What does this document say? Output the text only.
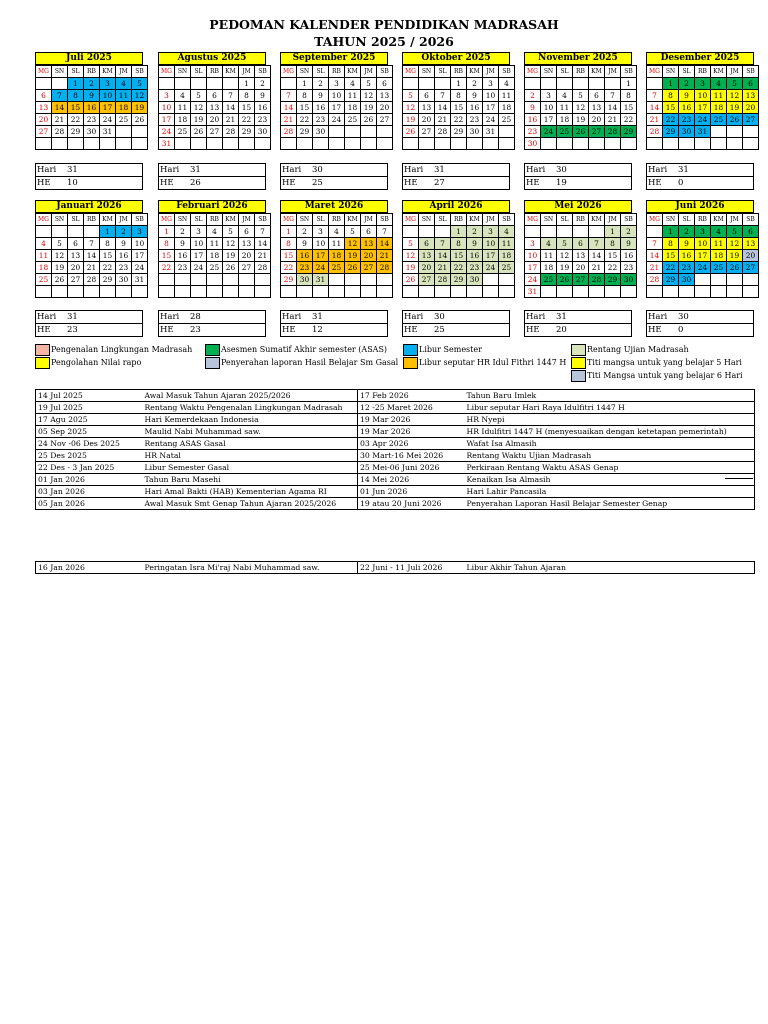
PEDOMAN KALENDER PENDIDIKAN MADRASAH
TAHUN 2025 / 2026
Juli 2025
MG	SN	SL	RB	KM	JM	SB
		1	2	3	4	5
6	7	8	9	10	11	12
13	14	15	16	17	18	19
20	21	22	23	24	25	26
27	28	29	30	31		

Hari	31
HE	10
Agustus 2025
MG	SN	SL	RB	KM	JM	SB
					1	2
3	4	5	6	7	8	9
10	11	12	13	14	15	16
17	18	19	20	21	22	23
24	25	26	27	28	29	30
31						
Hari	31
HE	26
September 2025
MG	SN	SL	RB	KM	JM	SB
	1	2	3	4	5	6
7	8	9	10	11	12	13
14	15	16	17	18	19	20
21	22	23	24	25	26	27
28	29	30				

Hari	30
HE	25
Oktober 2025
MG	SN	SL	RB	KM	JM	SB
			1	2	3	4
5	6	7	8	9	10	11
12	13	14	15	16	17	18
19	20	21	22	23	24	25
26	27	28	29	30	31	

Hari	31
HE	27
November 2025
MG	SN	SL	RB	KM	JM	SB
						1
2	3	4	5	6	7	8
9	10	11	12	13	14	15
16	17	18	19	20	21	22
23	24	25	26	27	28	29
30						
Hari	30
HE	19
Desember 2025
MG	SN	SL	RB	KM	JM	SB
	1	2	3	4	5	6
7	8	9	10	11	12	13
14	15	16	17	18	19	20
21	22	23	24	25	26	27
28	29	30	31			

Hari	31
HE	0
Januari 2026
MG	SN	SL	RB	KM	JM	SB
				1	2	3
4	5	6	7	8	9	10
11	12	13	14	15	16	17
18	19	20	21	22	23	24
25	26	27	28	29	30	31

Hari	31
HE	23
Februari 2026
MG	SN	SL	RB	KM	JM	SB
1	2	3	4	5	6	7
8	9	10	11	12	13	14
15	16	17	18	19	20	21
22	23	24	25	26	27	28

Hari	28
HE	23
Maret 2026
MG	SN	SL	RB	KM	JM	SB
1	2	3	4	5	6	7
8	9	10	11	12	13	14
15	16	17	18	19	20	21
22	23	24	25	26	27	28
29	30	31				

Hari	31
HE	12
April 2026
MG	SN	SL	RB	KM	JM	SB
			1	2	3	4
5	6	7	8	9	10	11
12	13	14	15	16	17	18
19	20	21	22	23	24	25
26	27	28	29	30		

Hari	30
HE	25
Mei 2026
MG	SN	SL	RB	KM	JM	SB
					1	2
3	4	5	6	7	8	9
10	11	12	13	14	15	16
17	18	19	20	21	22	23
24	25	26	27	28	29	30
31						
Hari	31
HE	20
Juni 2026
MG	SN	SL	RB	KM	JM	SB
	1	2	3	4	5	6
7	8	9	10	11	12	13
14	15	16	17	18	19	20
21	22	23	24	25	26	27
28	29	30				

Hari	30
HE	0
Pengenalan Lingkungan Madrasah
Pengolahan Nilai rapo
Asesmen Sumatif Akhir semester (ASAS)
Penyerahan laporan Hasil Belajar Sm Gasal
Libur Semester
Libur seputar HR Idul Fithri 1447 H
Rentang Ujian Madrasah
Titi mangsa untuk yang belajar 5 Hari
Titi Mangsa untuk yang belajar 6 Hari
14 Jul 2025	Awal Masuk Tahun Ajaran 2025/2026	17 Feb 2026	Tahun Baru Imlek
19 Jul 2025	Rentang Waktu Pengenalan Lingkungan Madrasah	12 -25 Maret 2026	Libur seputar Hari Raya Idulfitri 1447 H
17 Agu 2025	Hari Kemerdekaan Indonesia	19 Mar 2026	HR Nyepi
05 Sep 2025	Maulid Nabi Muhammad saw.	19 Mar 2026	HR Idulfitri 1447 H (menyesuaikan dengan ketetapan pemerintah)
24 Nov -06 Des 2025	Rentang ASAS Gasal	03 Apr 2026	Wafat Isa Almasih
25 Des 2025	HR Natal	30 Mart-16 Mei 2026	Rentang Waktu Ujian Madrasah
22 Des - 3 Jan 2025	Libur Semester Gasal	25 Mei-06 Juni 2026	Perkiraan Rentang Waktu ASAS Genap
01 Jan 2026	Tahun Baru Masehi	14 Mei 2026	Kenaikan Isa Almasih
03 Jan 2026	Hari Amal Bakti (HAB) Kementerian Agama RI	01 Jun 2026	Hari Lahir Pancasila
05 Jan 2026	Awal Masuk Smt Genap Tahun Ajaran 2025/2026	19 atau 20 Juni 2026	Penyerahan Laporan Hasil Belajar Semester Genap
16 Jan 2026	Peringatan Isra Mi'raj Nabi Muhammad saw.	22 Juni - 11 Juli 2026	Libur Akhir Tahun Ajaran
